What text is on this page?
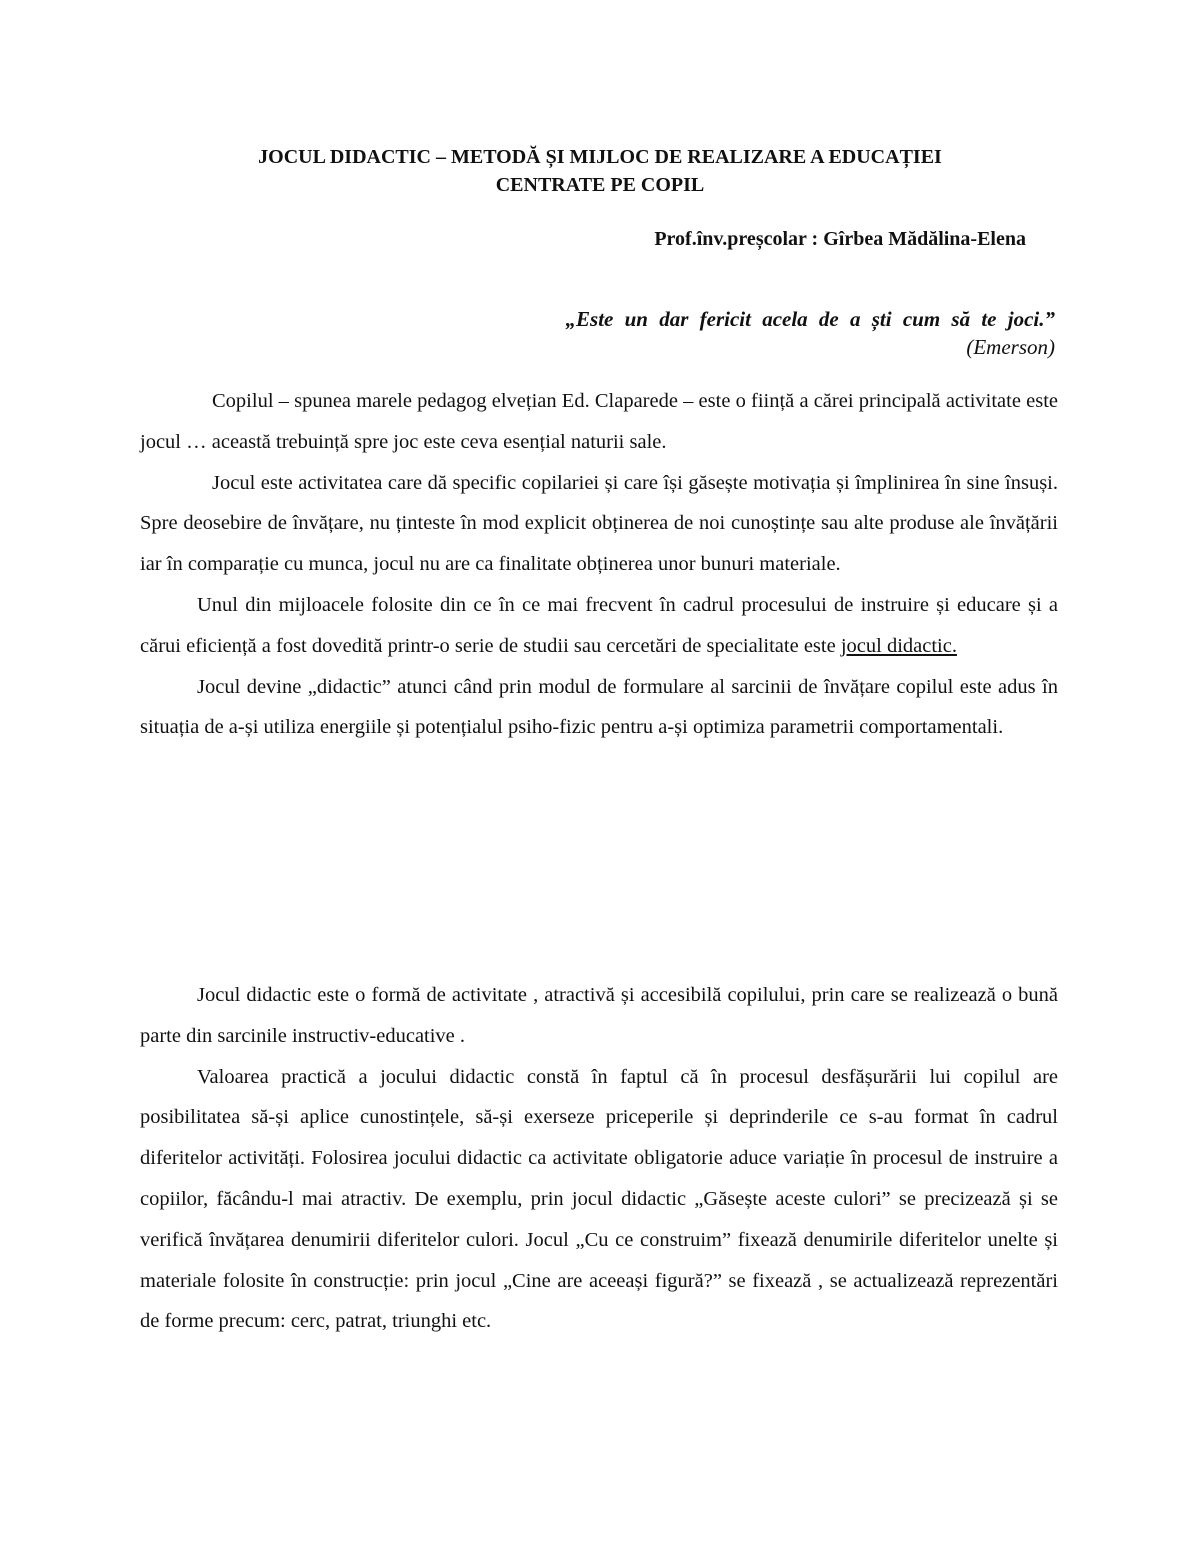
JOCUL DIDACTIC – METODĂ ȘI MIJLOC DE REALIZARE A EDUCAȚIEI
CENTRATE PE COPIL
Prof.înv.preșcolar : Gîrbea Mădălina-Elena
„Este un dar fericit acela de a ști cum să te joci.”
(Emerson)

Copilul – spunea marele pedagog elvețian Ed. Claparede – este o ființă a cărei principală activitate este jocul … această trebuință spre joc este ceva esențial naturii sale.

Jocul este activitatea care dă specific copilariei și care își găsește motivația și împlinirea în sine însuși. Spre deosebire de învățare, nu ținteste în mod explicit obținerea de noi cunoștințe sau alte produse ale învățării iar în comparație cu munca, jocul nu are ca finalitate obținerea unor bunuri materiale.

Unul din mijloacele folosite din ce în ce mai frecvent în cadrul procesului de instruire și educare și a cărui eficiență a fost dovedită printr-o serie de studii sau cercetări de specialitate este jocul didactic.

Jocul devine „didactic” atunci când prin modul de formulare al sarcinii de învățare copilul este adus în situația de a-și utiliza energiile și potențialul psiho-fizic pentru a-și optimiza parametrii comportamentali.

Jocul didactic este o formă de activitate , atractivă și accesibilă copilului, prin care se realizează o bună parte din sarcinile instructiv-educative .

Valoarea practică a jocului didactic constă în faptul că în procesul desfășurării lui copilul are posibilitatea să-și aplice cunostințele, să-și exerseze priceperile și deprinderile ce s-au format în cadrul diferitelor activități. Folosirea jocului didactic ca activitate obligatorie aduce variație în procesul de instruire a copiilor, făcându-l mai atractiv. De exemplu, prin jocul didactic „Găsește aceste culori” se precizează și se verifică învățarea denumirii diferitelor culori. Jocul „Cu ce construim” fixează denumirile diferitelor unelte și materiale folosite în construcție: prin jocul „Cine are aceeași figură?” se fixează , se actualizează reprezentări de forme precum: cerc, patrat, triunghi etc.
